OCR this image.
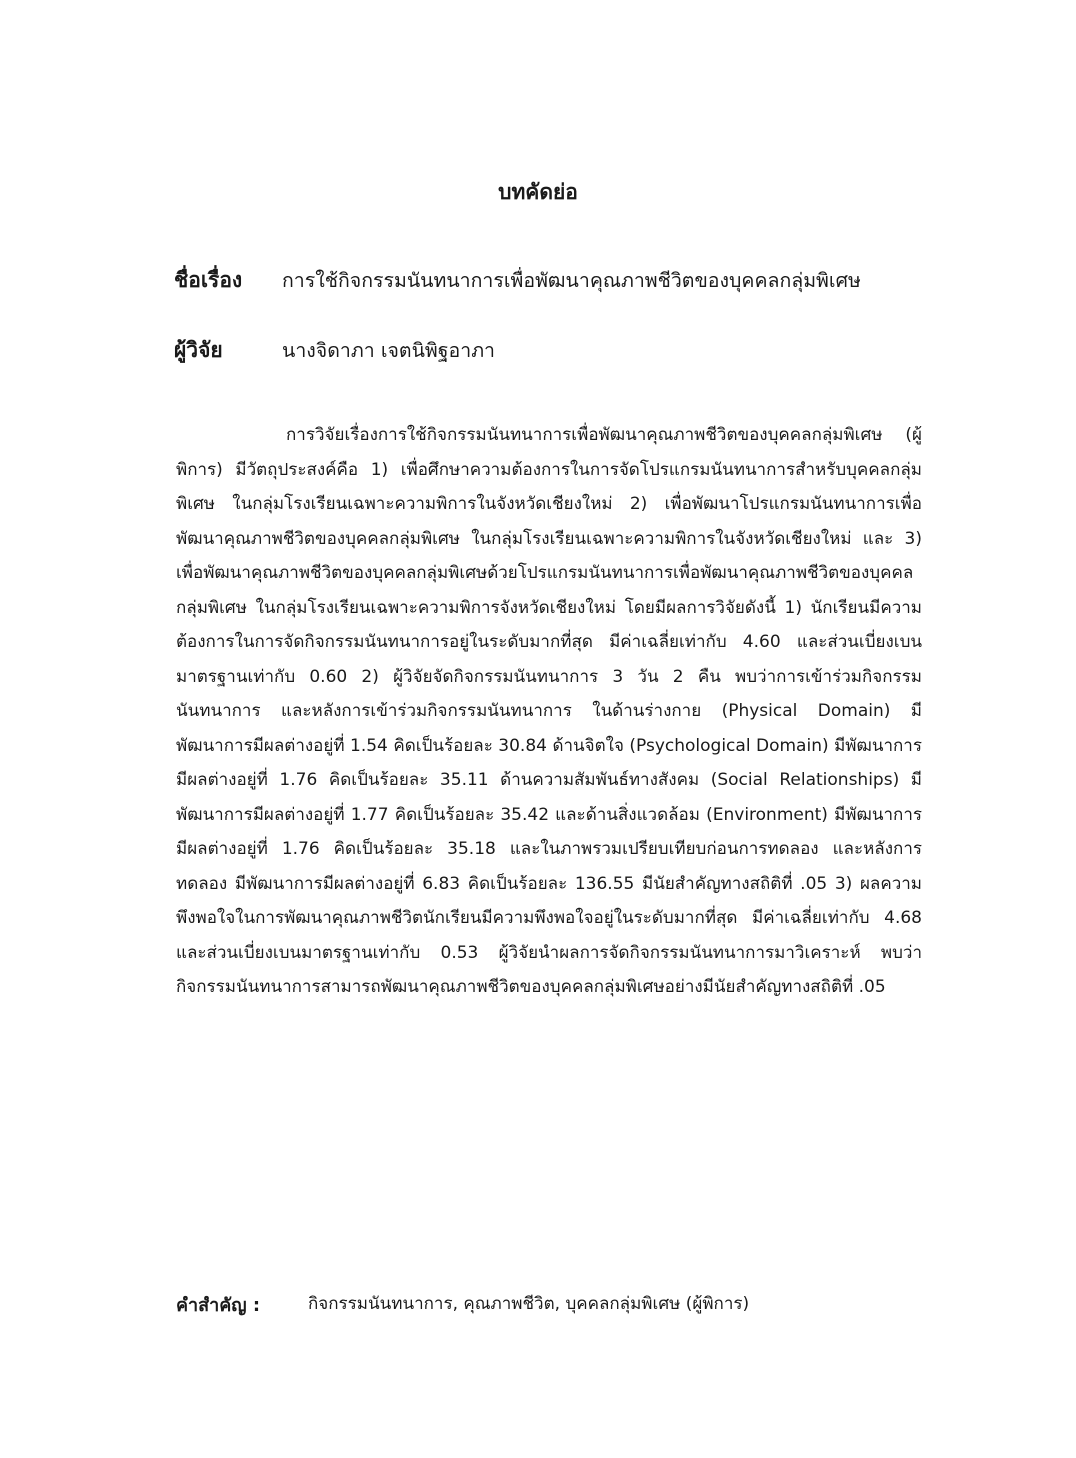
บทคัดย่อ
ชื่อเรื่อง การใช้กิจกรรมนันทนาการเพื่อพัฒนาคุณภาพชีวิตของบุคคลกลุ่มพิเศษ
ผู้วิจัย	นางจิดาภา เจตนิพิฐอาภา

การวิจัยเรื่องการใช้กิจกรรมนันทนาการเพื่อพัฒนาคุณภาพชีวิตของบุคคลกลุ่มพิเศษ (ผู้พิการ) มีวัตถุประสงค์คือ 1) เพื่อศึกษาความต้องการในการจัดโปรแกรมนันทนาการสำหรับบุคคลกลุ่มพิเศษ ในกลุ่มโรงเรียนเฉพาะความพิการในจังหวัดเชียงใหม่ 2) เพื่อพัฒนาโปรแกรมนันทนาการเพื่อพัฒนาคุณภาพชีวิตของบุคคลกลุ่มพิเศษ ในกลุ่มโรงเรียนเฉพาะความพิการในจังหวัดเชียงใหม่ และ 3) เพื่อพัฒนาคุณภาพชีวิตของบุคคลกลุ่มพิเศษด้วยโปรแกรมนันทนาการเพื่อพัฒนาคุณภาพชีวิตของบุคคลกลุ่มพิเศษ ในกลุ่มโรงเรียนเฉพาะความพิการจังหวัดเชียงใหม่ โดยมีผลการวิจัยดังนี้ 1) นักเรียนมีความต้องการในการจัดกิจกรรมนันทนาการอยู่ในระดับมากที่สุด มีค่าเฉลี่ยเท่ากับ 4.60 และส่วนเบี่ยงเบนมาตรฐานเท่ากับ 0.60 2) ผู้วิจัยจัดกิจกรรมนันทนาการ 3 วัน 2 คืน พบว่าการเข้าร่วมกิจกรรมนันทนาการ และหลังการเข้าร่วมกิจกรรมนันทนาการ ในด้านร่างกาย (Physical Domain) มีพัฒนาการมีผลต่างอยู่ที่ 1.54 คิดเป็นร้อยละ 30.84 ด้านจิตใจ (Psychological Domain) มีพัฒนาการมีผลต่างอยู่ที่ 1.76 คิดเป็นร้อยละ 35.11 ด้านความสัมพันธ์ทางสังคม (Social Relationships) มีพัฒนาการมีผลต่างอยู่ที่ 1.77 คิดเป็นร้อยละ 35.42 และด้านสิ่งแวดล้อม (Environment) มีพัฒนาการมีผลต่างอยู่ที่ 1.76 คิดเป็นร้อยละ 35.18 และในภาพรวมเปรียบเทียบก่อนการทดลอง และหลังการทดลอง มีพัฒนาการมีผลต่างอยู่ที่ 6.83 คิดเป็นร้อยละ 136.55 มีนัยสำคัญทางสถิติที่ .05 3) ผลความพึงพอใจในการพัฒนาคุณภาพชีวิตนักเรียนมีความพึงพอใจอยู่ในระดับมากที่สุด มีค่าเฉลี่ยเท่ากับ 4.68 และส่วนเบี่ยงเบนมาตรฐานเท่ากับ 0.53 ผู้วิจัยนำผลการจัดกิจกรรมนันทนาการมาวิเคราะห์ พบว่ากิจกรรมนันทนาการสามารถพัฒนาคุณภาพชีวิตของบุคคลกลุ่มพิเศษอย่างมีนัยสำคัญทางสถิติที่ .05

คำสำคัญ :	กิจกรรมนันทนาการ, คุณภาพชีวิต, บุคคลกลุ่มพิเศษ (ผู้พิการ)
